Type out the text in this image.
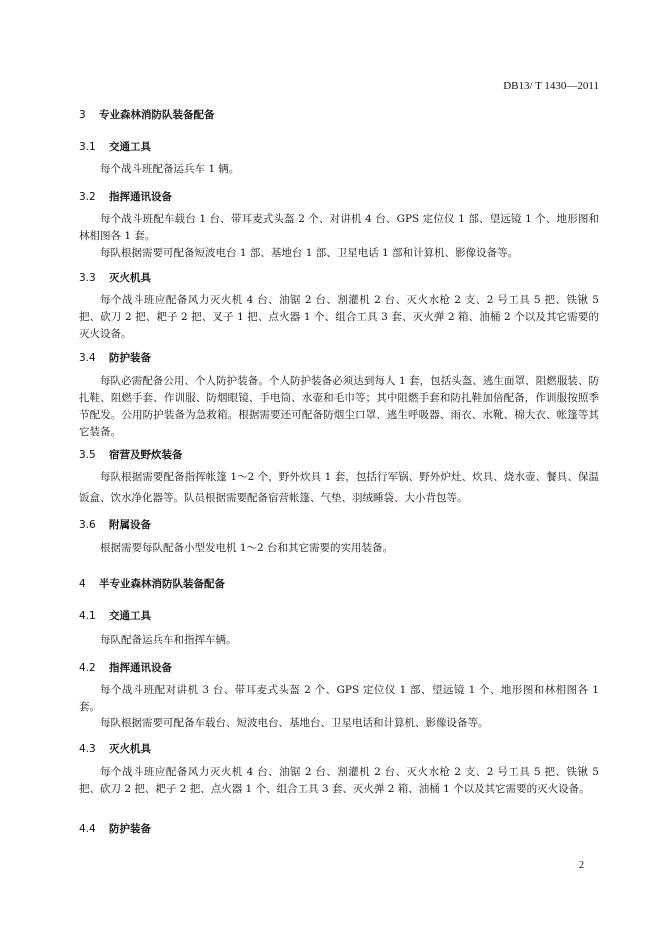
DB13/ T 1430—2011
3 专业森林消防队装备配备
3.1 交通工具
每个战斗班配备运兵车 1 辆。
3.2 指挥通讯设备
每个战斗班配车载台 1 台、带耳麦式头盔 2 个、对讲机 4 台、GPS 定位仪 1 部、望远镜 1 个、地形图和林相图各 1 套。
每队根据需要可配备短波电台 1 部、基地台 1 部、卫星电话 1 部和计算机、影像设备等。
3.3 灭火机具
每个战斗班应配备风力灭火机 4 台、油锯 2 台、割灌机 2 台、灭火水枪 2 支、2 号工具 5 把、铁锹 5 把、砍刀 2 把、耙子 2 把、叉子 1 把、点火器 1 个、组合工具 3 套、灭火弹 2 箱、油桶 2 个以及其它需要的灭火设备。
3.4 防护装备
每队必需配备公用、个人防护装备。个人防护装备必须达到每人 1 套，包括头盔、逃生面罩、阻燃服装、防扎鞋、阻燃手套、作训服、防烟眼镜、手电筒、水壶和毛巾等；其中阻燃手套和防扎鞋加倍配备，作训服按照季节配发。公用防护装备为急救箱。根据需要还可配备防烟尘口罩、逃生呼吸器、雨衣、水靴、棉大衣、帐篷等其它装备。
3.5 宿营及野炊装备
每队根据需要配备指挥帐篷 1～2 个，野外炊具 1 套，包括行军锅、野外炉灶、炊具、烧水壶、餐具、保温饭盒、饮水净化器等。队员根据需要配备宿营帐篷、气垫、羽绒睡袋、大小背包等。
3.6 附属设备
根据需要每队配备小型发电机 1～2 台和其它需要的实用装备。
4 半专业森林消防队装备配备
4.1 交通工具
每队配备运兵车和指挥车辆。
4.2 指挥通讯设备
每个战斗班配对讲机 3 台、带耳麦式头盔 2 个、GPS 定位仪 1 部、望远镜 1 个、地形图和林相图各 1 套。
每队根据需要可配备车载台、短波电台、基地台、卫星电话和计算机、影像设备等。
4.3 灭火机具
每个战斗班应配备风力灭火机 4 台、油锯 2 台、割灌机 2 台、灭火水枪 2 支、2 号工具 5 把、铁锹 5 把、砍刀 2 把、耙子 2 把、点火器 1 个、组合工具 3 套、灭火弹 2 箱、油桶 1 个以及其它需要的灭火设备。
4.4 防护装备
2
